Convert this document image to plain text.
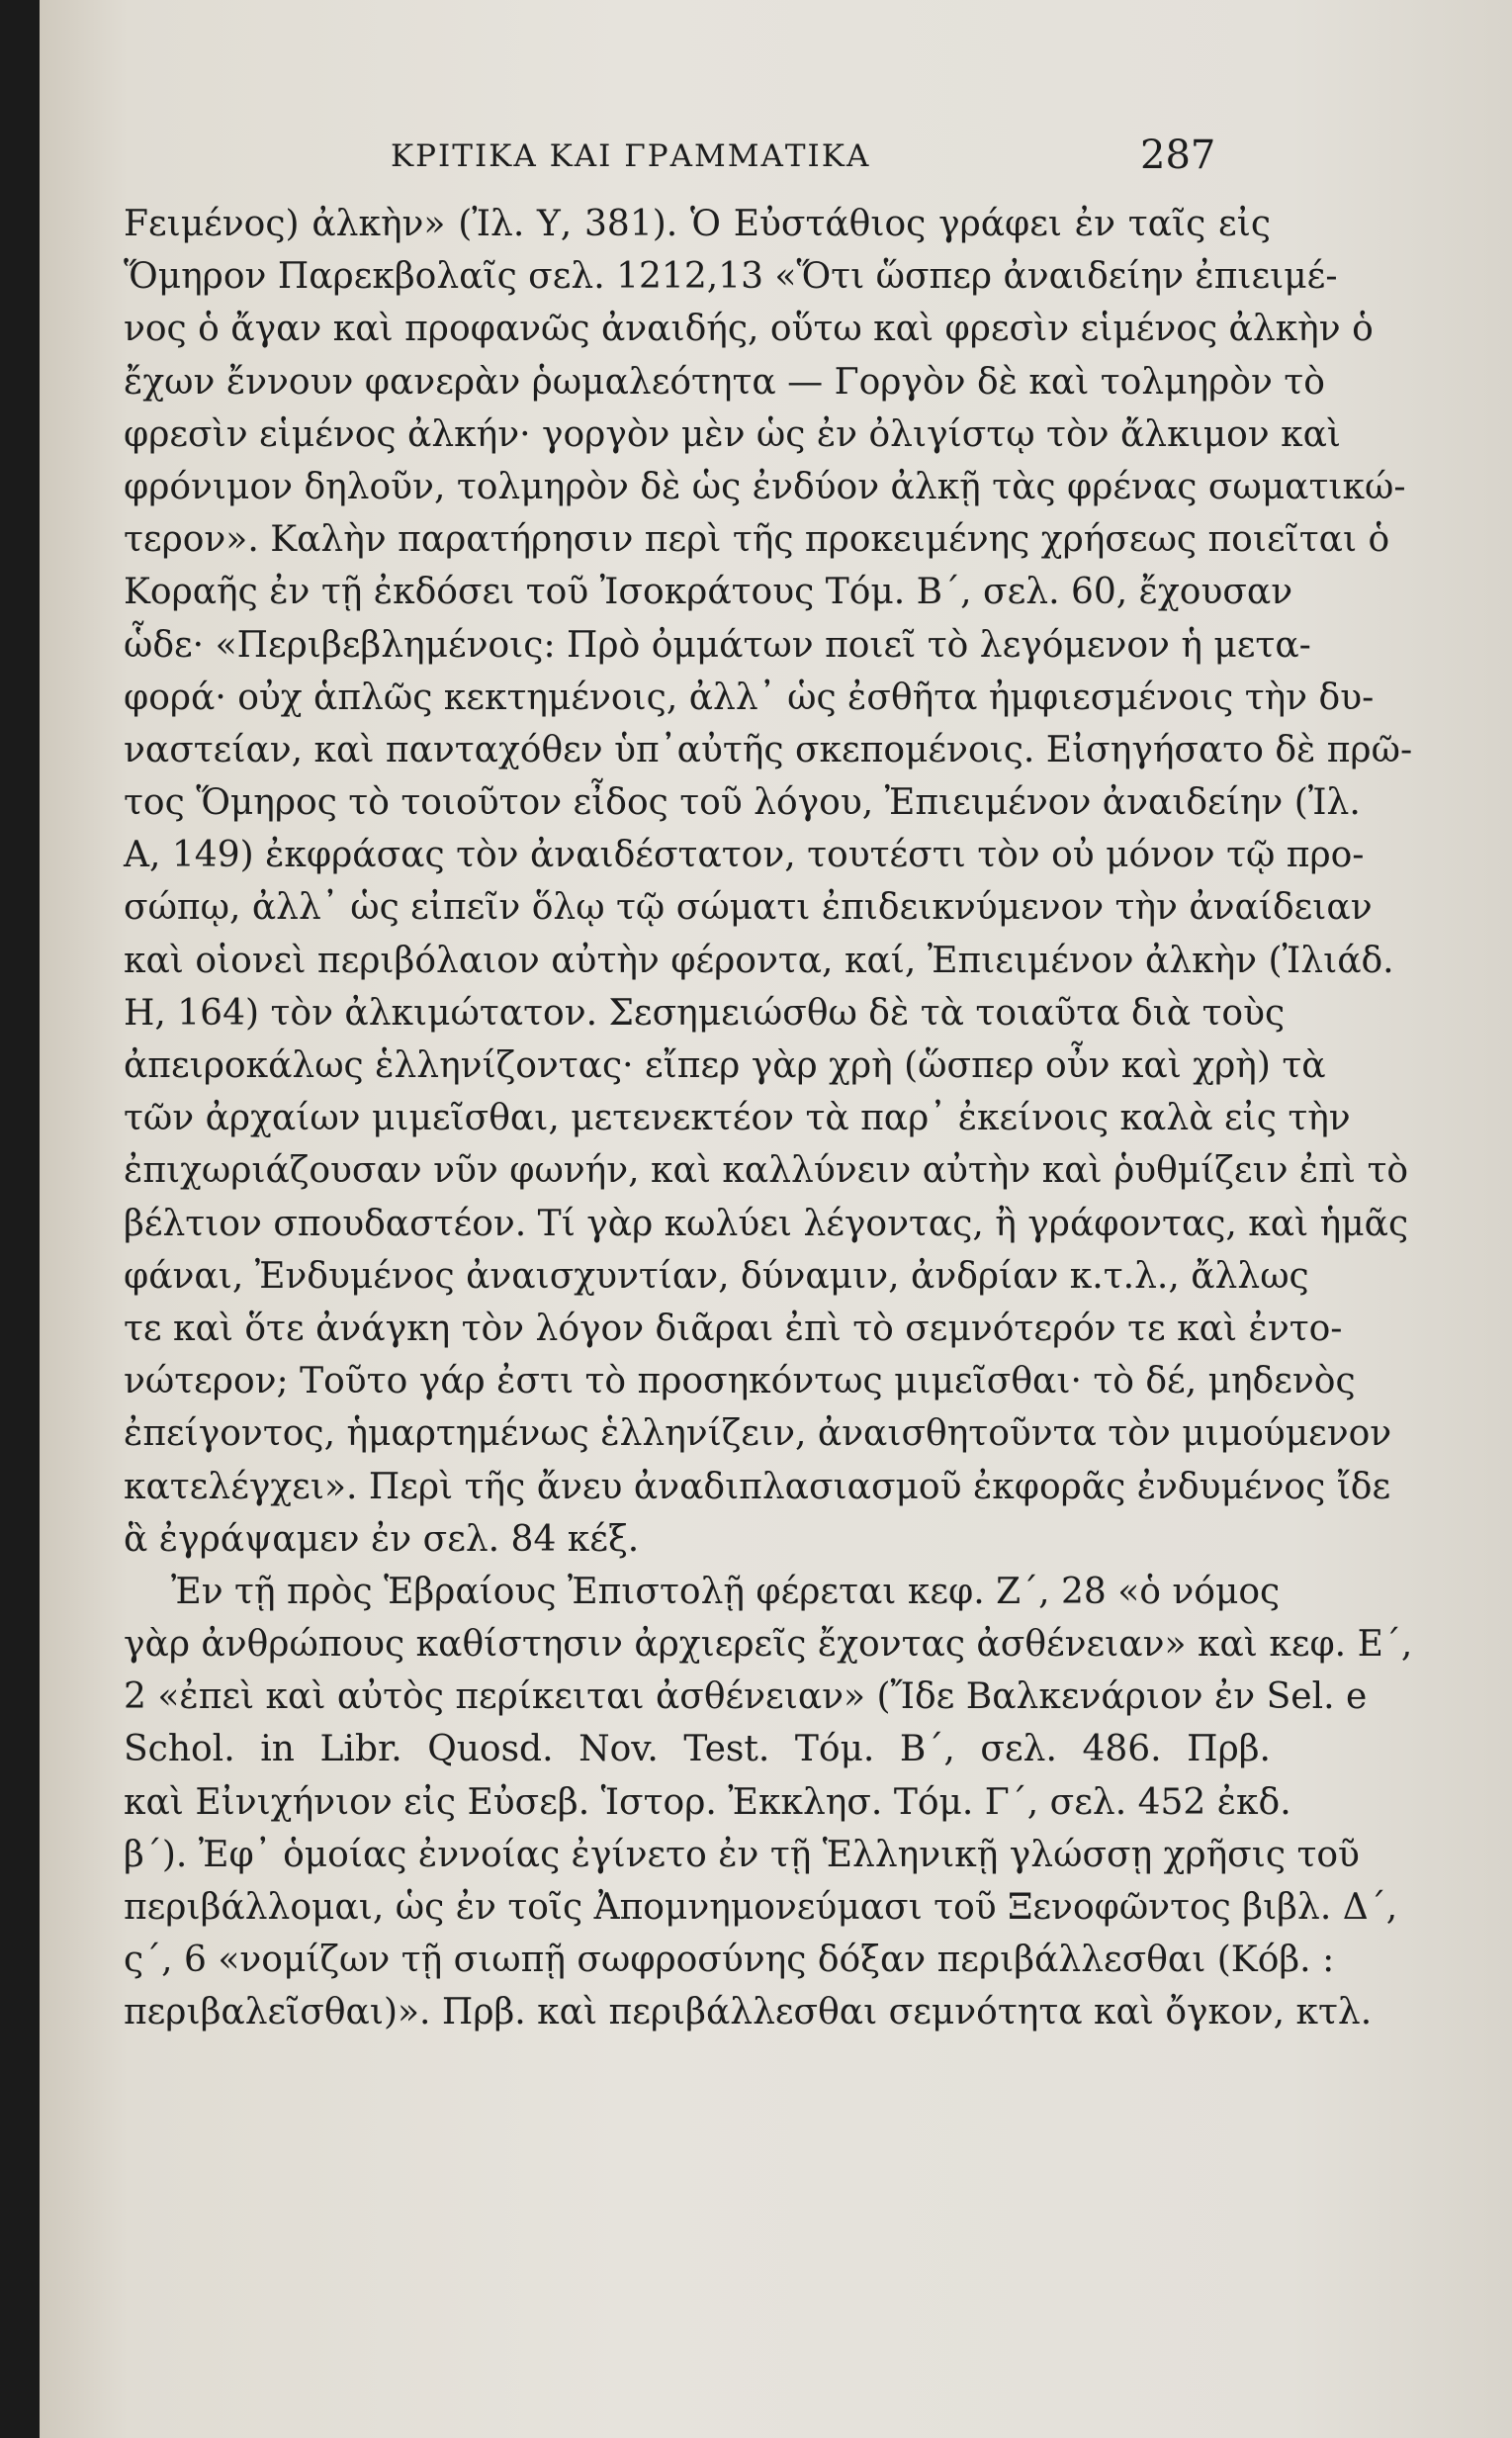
ΚΡΙΤΙΚΑ ΚΑΙ ΓΡΑΜΜΑΤΙΚΑ	287
Fειμένος) ἀλκὴν» (Ἰλ. Υ, 381). Ὁ Εὐστάθιος γράφει ἐν ταῖς εἰς
Ὅμηρον Παρεκβολαῖς σελ. 1212,13 «Ὅτι ὥσπερ ἀναιδείην ἐπιειμέ-
νος ὁ ἄγαν καὶ προφανῶς ἀναιδής, οὕτω καὶ φρεσὶν εἱμένος ἀλκὴν ὁ
ἔχων ἔννουν φανερὰν ῥωμαλεότητα — Γοργὸν δὲ καὶ τολμηρὸν τὸ
φρεσὶν εἱμένος ἀλκήν· γοργὸν μὲν ὡς ἐν ὀλιγίστῳ τὸν ἄλκιμον καὶ
φρόνιμον δηλοῦν, τολμηρὸν δὲ ὡς ἐνδύον ἀλκῇ τὰς φρένας σωματικώ-
τερον». Καλὴν παρατήρησιν περὶ τῆς προκειμένης χρήσεως ποιεῖται ὁ
Κοραῆς ἐν τῇ ἐκδόσει τοῦ Ἰσοκράτους Τόμ. Β΄, σελ. 60, ἔχουσαν
ὧδε· «Περιβεβλημένοις: Πρὸ ὀμμάτων ποιεῖ τὸ λεγόμενον ἡ μετα-
φορά· οὐχ ἁπλῶς κεκτημένοις, ἀλλ᾽ ὡς ἐσθῆτα ἠμφιεσμένοις τὴν δυ-
ναστείαν, καὶ πανταχόθεν ὑπ᾽αὐτῆς σκεπομένοις. Εἰσηγήσατο δὲ πρῶ-
τος Ὅμηρος τὸ τοιοῦτον εἶδος τοῦ λόγου, Ἐπιειμένον ἀναιδείην (Ἰλ.
Α, 149) ἐκφράσας τὸν ἀναιδέστατον, τουτέστι τὸν οὐ μόνον τῷ προ-
σώπῳ, ἀλλ᾽ ὡς εἰπεῖν ὅλῳ τῷ σώματι ἐπιδεικνύμενον τὴν ἀναίδειαν
καὶ οἱονεὶ περιβόλαιον αὐτὴν φέροντα, καί, Ἐπιειμένον ἀλκὴν (Ἰλιάδ.
Η, 164) τὸν ἀλκιμώτατον. Σεσημειώσθω δὲ τὰ τοιαῦτα διὰ τοὺς
ἀπειροκάλως ἑλληνίζοντας· εἴπερ γὰρ χρὴ (ὥσπερ οὖν καὶ χρὴ) τὰ
τῶν ἀρχαίων μιμεῖσθαι, μετενεκτέον τὰ παρ᾽ ἐκείνοις καλὰ εἰς τὴν
ἐπιχωριάζουσαν νῦν φωνήν, καὶ καλλύνειν αὐτὴν καὶ ῥυθμίζειν ἐπὶ τὸ
βέλτιον σπουδαστέον. Τί γὰρ κωλύει λέγοντας, ἢ γράφοντας, καὶ ἡμᾶς
φάναι, Ἐνδυμένος ἀναισχυντίαν, δύναμιν, ἀνδρίαν κ.τ.λ., ἄλλως
τε καὶ ὅτε ἀνάγκη τὸν λόγον διᾶραι ἐπὶ τὸ σεμνότερόν τε καὶ ἐντο-
νώτερον; Τοῦτο γάρ ἐστι τὸ προσηκόντως μιμεῖσθαι· τὸ δέ, μηδενὸς
ἐπείγοντος, ἡμαρτημένως ἑλληνίζειν, ἀναισθητοῦντα τὸν μιμούμενον
κατελέγχει». Περὶ τῆς ἄνευ ἀναδιπλασιασμοῦ ἐκφορᾶς ἐνδυμένος ἴδε
ἃ ἐγράψαμεν ἐν σελ. 84 κέξ.
Ἐν τῇ πρὸς Ἑβραίους Ἐπιστολῇ φέρεται κεφ. Ζ΄, 28 «ὁ νόμος
γὰρ ἀνθρώπους καθίστησιν ἀρχιερεῖς ἔχοντας ἀσθένειαν» καὶ κεφ. Ε΄,
2 «ἐπεὶ καὶ αὐτὸς περίκειται ἀσθένειαν» (Ἴδε Βαλκενάριον ἐν Sel. e
Schol. in Libr. Quosd. Nov. Test. Τόμ. Β΄, σελ. 486. Πρβ.
καὶ Εἰνιχήνιον εἰς Εὐσεβ. Ἱστορ. Ἐκκλησ. Τόμ. Γ΄, σελ. 452 ἐκδ.
β΄). Ἐφ᾽ ὁμοίας ἐννοίας ἐγίνετο ἐν τῇ Ἑλληνικῇ γλώσσῃ χρῆσις τοῦ
περιβάλλομαι, ὡς ἐν τοῖς Ἀπομνημονεύμασι τοῦ Ξενοφῶντος βιβλ. Δ΄,
ς΄, 6 «νομίζων τῇ σιωπῇ σωφροσύνης δόξαν περιβάλλεσθαι (Κόβ. :
περιβαλεῖσθαι)». Πρβ. καὶ περιβάλλεσθαι σεμνότητα καὶ ὄγκον, κτλ.
